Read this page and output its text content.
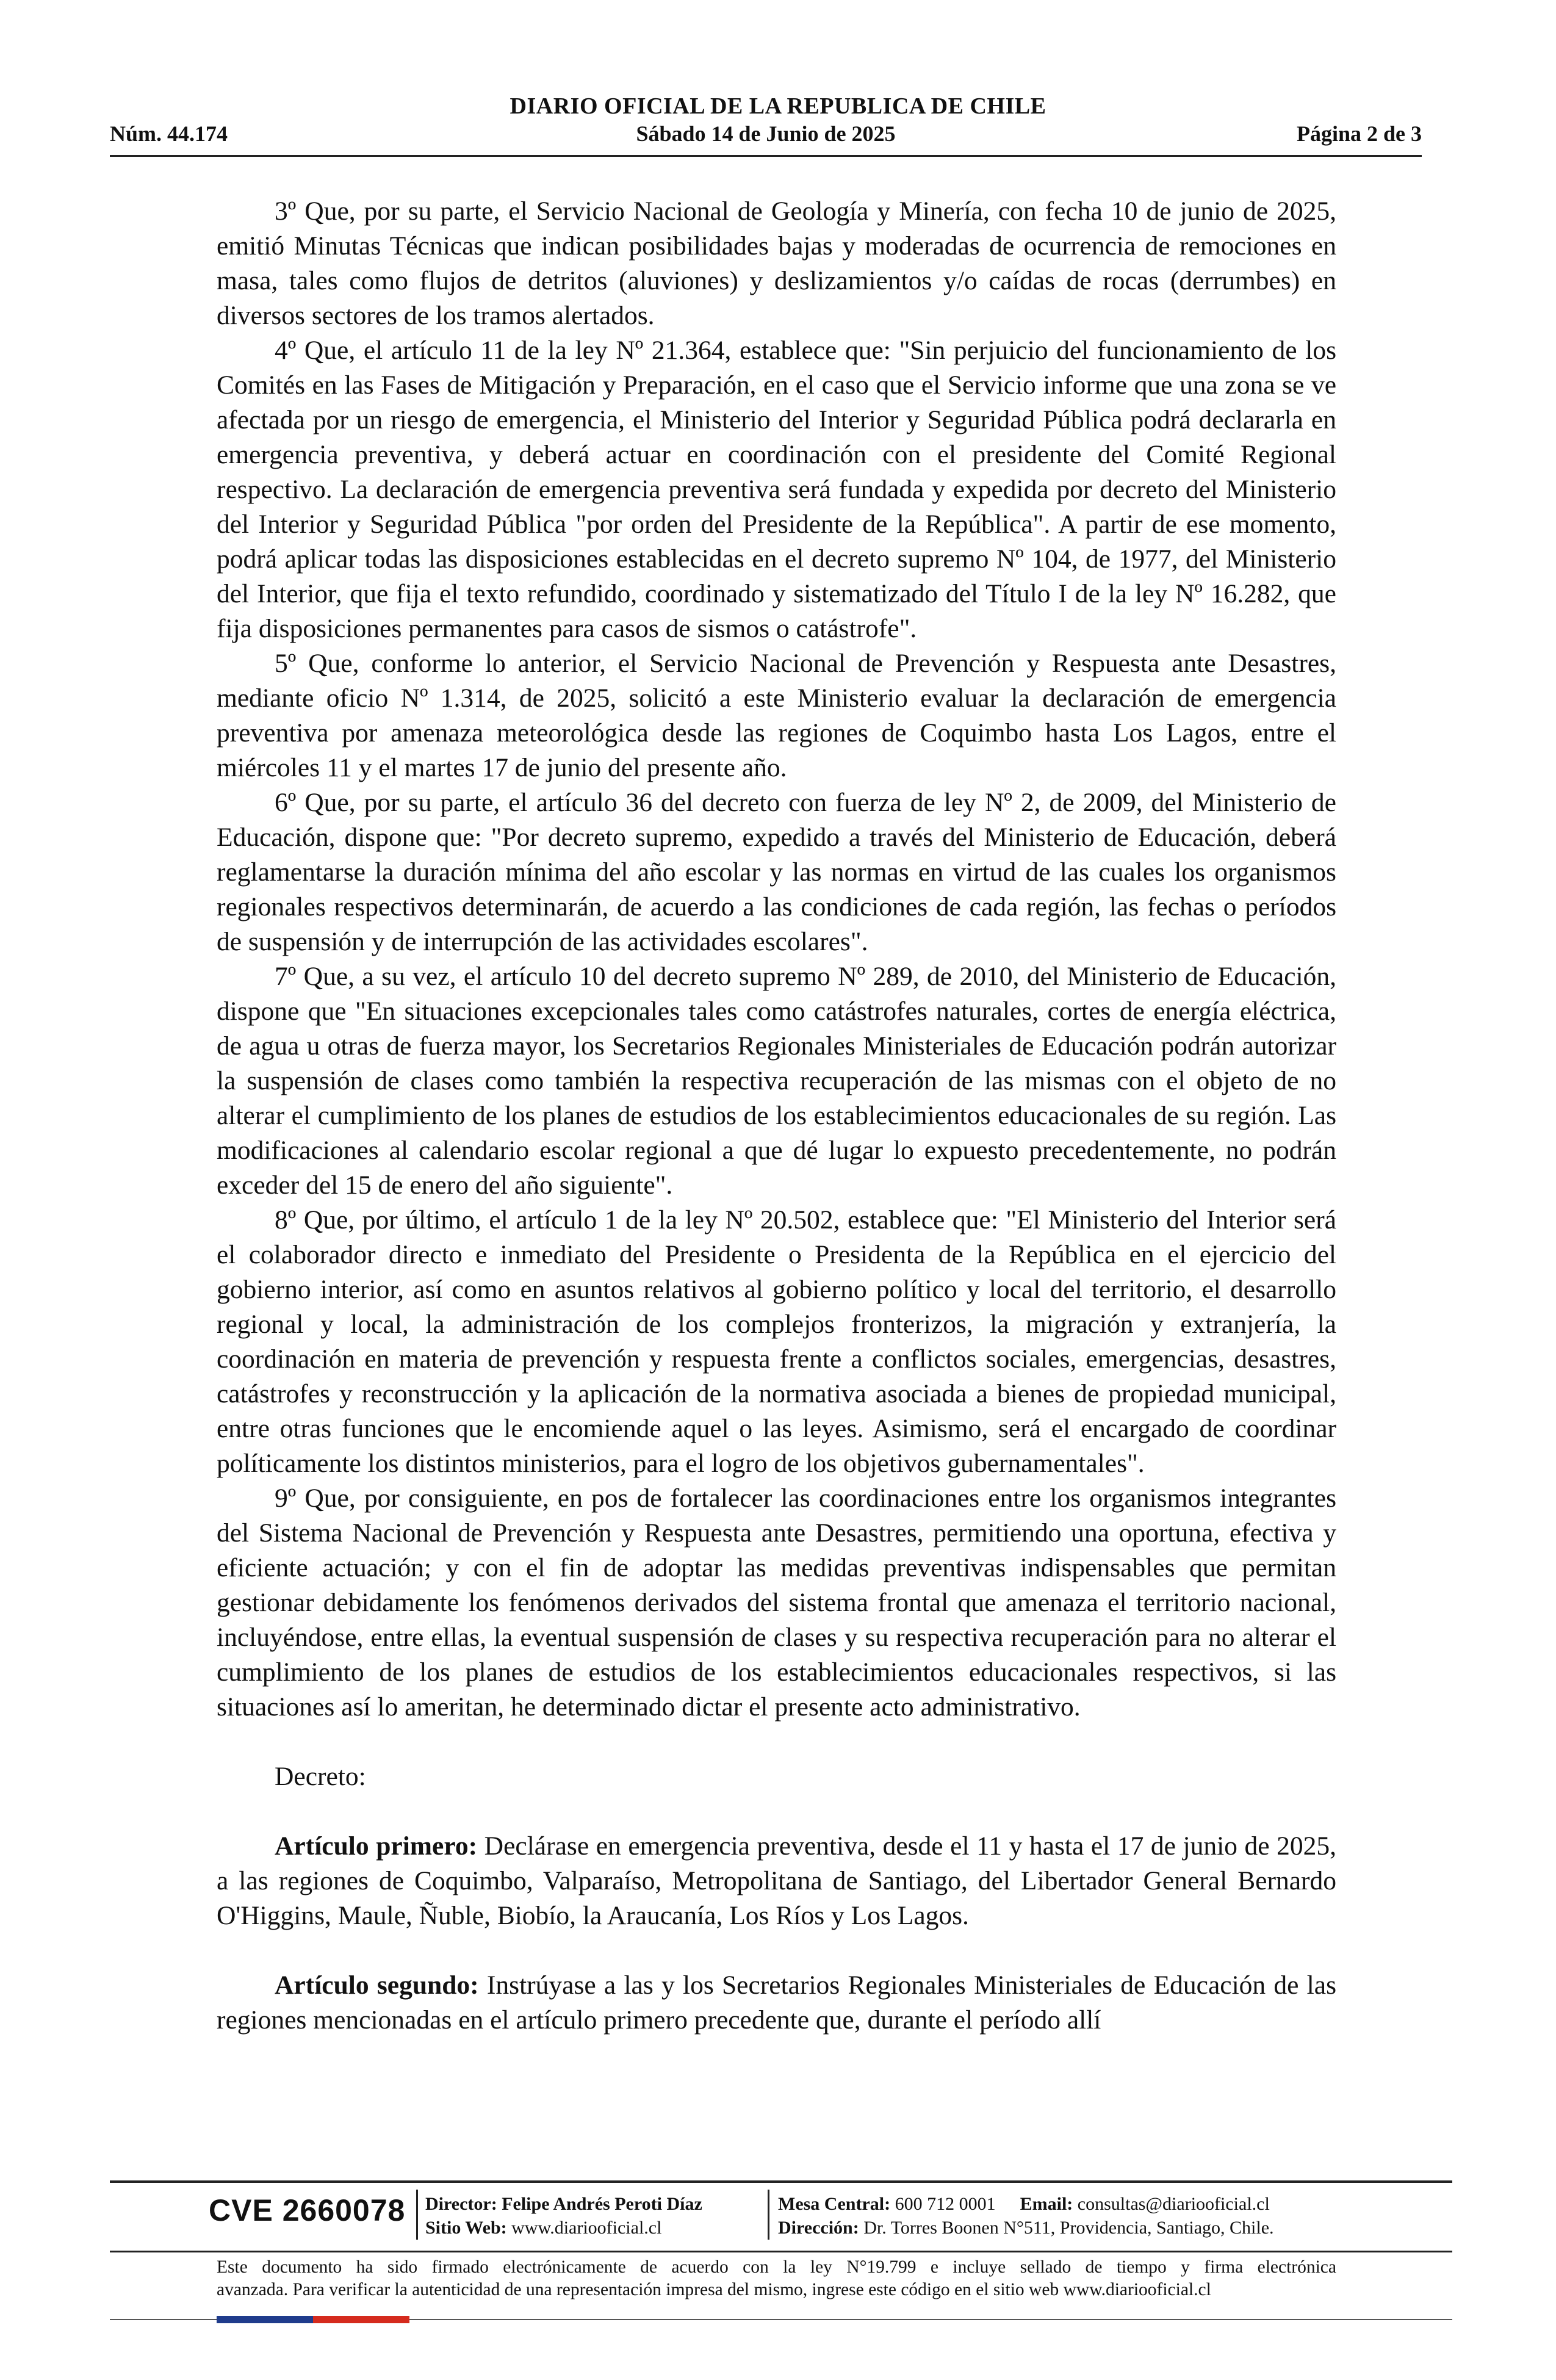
DIARIO OFICIAL DE LA REPUBLICA DE CHILE
Núm. 44.174	Sábado 14 de Junio de 2025	Página 2 de 3

3º Que, por su parte, el Servicio Nacional de Geología y Minería, con fecha 10 de junio de 2025, emitió Minutas Técnicas que indican posibilidades bajas y moderadas de ocurrencia de remociones en masa, tales como flujos de detritos (aluviones) y deslizamientos y/o caídas de rocas (derrumbes) en diversos sectores de los tramos alertados.

4º Que, el artículo 11 de la ley Nº 21.364, establece que: "Sin perjuicio del funcionamiento de los Comités en las Fases de Mitigación y Preparación, en el caso que el Servicio informe que una zona se ve afectada por un riesgo de emergencia, el Ministerio del Interior y Seguridad Pública podrá declararla en emergencia preventiva, y deberá actuar en coordinación con el presidente del Comité Regional respectivo. La declaración de emergencia preventiva será fundada y expedida por decreto del Ministerio del Interior y Seguridad Pública "por orden del Presidente de la República". A partir de ese momento, podrá aplicar todas las disposiciones establecidas en el decreto supremo Nº 104, de 1977, del Ministerio del Interior, que fija el texto refundido, coordinado y sistematizado del Título I de la ley Nº 16.282, que fija disposiciones permanentes para casos de sismos o catástrofe".

5º Que, conforme lo anterior, el Servicio Nacional de Prevención y Respuesta ante Desastres, mediante oficio Nº 1.314, de 2025, solicitó a este Ministerio evaluar la declaración de emergencia preventiva por amenaza meteorológica desde las regiones de Coquimbo hasta Los Lagos, entre el miércoles 11 y el martes 17 de junio del presente año.

6º Que, por su parte, el artículo 36 del decreto con fuerza de ley Nº 2, de 2009, del Ministerio de Educación, dispone que: "Por decreto supremo, expedido a través del Ministerio de Educación, deberá reglamentarse la duración mínima del año escolar y las normas en virtud de las cuales los organismos regionales respectivos determinarán, de acuerdo a las condiciones de cada región, las fechas o períodos de suspensión y de interrupción de las actividades escolares".

7º Que, a su vez, el artículo 10 del decreto supremo Nº 289, de 2010, del Ministerio de Educación, dispone que "En situaciones excepcionales tales como catástrofes naturales, cortes de energía eléctrica, de agua u otras de fuerza mayor, los Secretarios Regionales Ministeriales de Educación podrán autorizar la suspensión de clases como también la respectiva recuperación de las mismas con el objeto de no alterar el cumplimiento de los planes de estudios de los establecimientos educacionales de su región. Las modificaciones al calendario escolar regional a que dé lugar lo expuesto precedentemente, no podrán exceder del 15 de enero del año siguiente".

8º Que, por último, el artículo 1 de la ley Nº 20.502, establece que: "El Ministerio del Interior será el colaborador directo e inmediato del Presidente o Presidenta de la República en el ejercicio del gobierno interior, así como en asuntos relativos al gobierno político y local del territorio, el desarrollo regional y local, la administración de los complejos fronterizos, la migración y extranjería, la coordinación en materia de prevención y respuesta frente a conflictos sociales, emergencias, desastres, catástrofes y reconstrucción y la aplicación de la normativa asociada a bienes de propiedad municipal, entre otras funciones que le encomiende aquel o las leyes. Asimismo, será el encargado de coordinar políticamente los distintos ministerios, para el logro de los objetivos gubernamentales".

9º Que, por consiguiente, en pos de fortalecer las coordinaciones entre los organismos integrantes del Sistema Nacional de Prevención y Respuesta ante Desastres, permitiendo una oportuna, efectiva y eficiente actuación; y con el fin de adoptar las medidas preventivas indispensables que permitan gestionar debidamente los fenómenos derivados del sistema frontal que amenaza el territorio nacional, incluyéndose, entre ellas, la eventual suspensión de clases y su respectiva recuperación para no alterar el cumplimiento de los planes de estudios de los establecimientos educacionales respectivos, si las situaciones así lo ameritan, he determinado dictar el presente acto administrativo.

Decreto:

Artículo primero: Declárase en emergencia preventiva, desde el 11 y hasta el 17 de junio de 2025, a las regiones de Coquimbo, Valparaíso, Metropolitana de Santiago, del Libertador General Bernardo O'Higgins, Maule, Ñuble, Biobío, la Araucanía, Los Ríos y Los Lagos.

Artículo segundo: Instrúyase a las y los Secretarios Regionales Ministeriales de Educación de las regiones mencionadas en el artículo primero precedente que, durante el período allí

CVE 2660078 Director: Felipe Andrés Peroti Díaz
Sitio Web: www.diariooficial.cl
Mesa Central: 600 712 0001 Email: consultas@diariooficial.cl
Dirección: Dr. Torres Boonen N°511, Providencia, Santiago, Chile.
Este documento ha sido firmado electrónicamente de acuerdo con la ley N°19.799 e incluye sellado de tiempo y firma electrónica
avanzada. Para verificar la autenticidad de una representación impresa del mismo, ingrese este código en el sitio web www.diariooficial.cl
